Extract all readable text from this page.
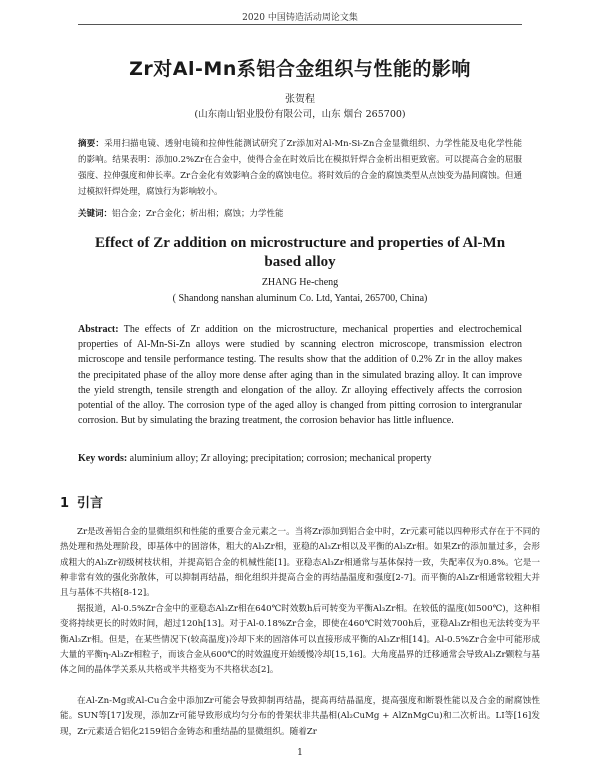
2020 中国铸造活动周论文集
Zr对Al-Mn系铝合金组织与性能的影响
张贺程
(山东南山铝业股份有限公司，山东 烟台 265700)
摘要：采用扫描电镜、透射电镜和拉伸性能测试研究了Zr添加对Al-Mn-Si-Zn合金显微组织、力学性能及电化学性能的影响。结果表明：添加0.2%Zr在合金中，使得合金在时效后比在模拟钎焊合金析出相更致密。可以提高合金的屈服强度、拉伸强度和伸长率。Zr合金化有效影响合金的腐蚀电位。将时效后的合金的腐蚀类型从点蚀变为晶间腐蚀。但通过模拟钎焊处理，腐蚀行为影响较小。
关键词：铝合金；Zr合金化；析出相；腐蚀；力学性能
Effect of Zr addition on microstructure and properties of Al-Mn based alloy
ZHANG He-cheng
( Shandong nanshan aluminum Co. Ltd, Yantai, 265700, China)
Abstract: The effects of Zr addition on the microstructure, mechanical properties and electrochemical properties of Al-Mn-Si-Zn alloys were studied by scanning electron microscope, transmission electron microscope and tensile performance testing. The results show that the addition of 0.2% Zr in the alloy makes the precipitated phase of the alloy more dense after aging than in the simulated brazing alloy. It can improve the yield strength, tensile strength and elongation of the alloy. Zr alloying effectively affects the corrosion potential of the alloy. The corrosion type of the aged alloy is changed from pitting corrosion to intergranular corrosion. But by simulating the brazing treatment, the corrosion behavior has little influence.
Key words: aluminium alloy; Zr alloying; precipitation; corrosion; mechanical property
1 引言
Zr是改善铝合金的显微组织和性能的重要合金元素之一。当将Zr添加到铝合金中时，Zr元素可能以四种形式存在于不同的热处理和热处理阶段，即基体中的固溶体，粗大的Al₃Zr相，亚稳的Al₃Zr相以及平衡的Al₃Zr相。如果Zr的添加量过多，会形成粗大的Al₃Zr初级树枝状相，并提高铝合金的机械性能[1]。亚稳态Al₃Zr相通常与基体保持一致，失配率仅为0.8%。它是一种非常有效的强化弥散体，可以抑制再结晶，细化组织并提高合金的再结晶温度和强度[2-7]。而平衡的Al₃Zr相通常较粗大并且与基体不共格[8-12]。
据报道，Al-0.5%Zr合金中的亚稳态Al₃Zr相在640℃时效数h后可转变为平衡Al₃Zr相。在较低的温度(如500℃)，这种相变将持续更长的时效时间，超过120h[13]。对于Al-0.18%Zr合金，即使在460℃时效700h后，亚稳Al₃Zr相也无法转变为平衡Al₃Zr相。但是，在某些情况下(较高温度)冷却下来的固溶体可以直接形成平衡的Al₃Zr相[14]。Al-0.5%Zr合金中可能形成大量的平衡η-Al₃Zr相粒子，而该合金从600℃的时效温度开始缓慢冷却[15,16]。大角度晶界的迁移通常会导致Al₃Zr颗粒与基体之间的晶体学关系从共格或半共格变为不共格状态[2]。
在Al-Zn-Mg或Al-Cu合金中添加Zr可能会导致抑制再结晶，提高再结晶温度，提高强度和断裂性能以及合金的耐腐蚀性能。SUN等[17]发现，添加Zr可能导致形成均匀分布的骨架状非共晶相(Al₂CuMg + AlZnMgCu)和二次析出。LI等[16]发现，Zr元素适合铝化2159铝合金铸态和重结晶的显微组织。随着Zr
1
